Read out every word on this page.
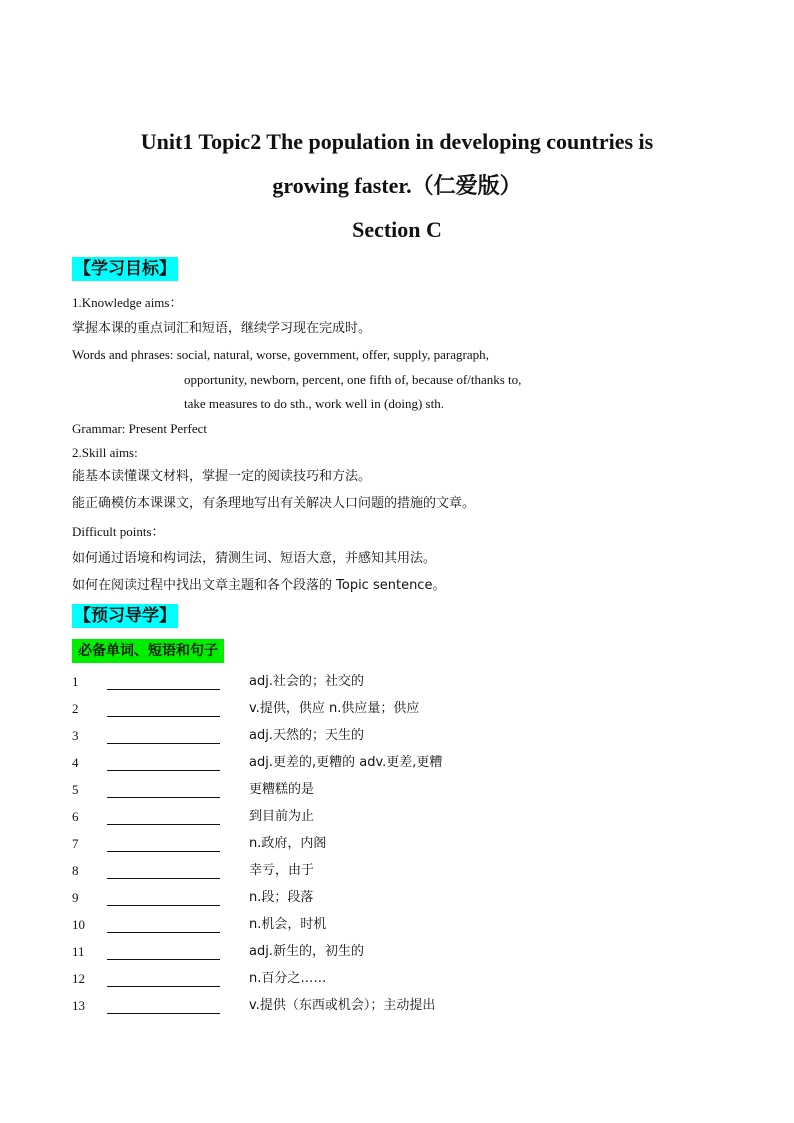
Unit1 Topic2 The population in developing countries is
growing faster.（仁爱版）
Section C
【学习目标】
1.Knowledge aims：
掌握本课的重点词汇和短语，继续学习现在完成时。
Words and phrases: social, natural, worse, government, offer, supply, paragraph,
opportunity, newborn, percent, one fifth of, because of/thanks to,
take measures to do sth., work well in (doing) sth.
Grammar: Present Perfect
2.Skill aims:
能基本读懂课文材料，掌握一定的阅读技巧和方法。
能正确模仿本课课文，有条理地写出有关解决人口问题的措施的文章。
Difficult points：
如何通过语境和构词法，猜测生词、短语大意，并感知其用法。
如何在阅读过程中找出文章主题和各个段落的 Topic sentence。
【预习导学】
必备单词、短语和句子
1	adj.社会的；社交的
2	v.提供，供应 n.供应量；供应
3	adj.天然的；天生的
4	adj.更差的,更糟的 adv.更差,更糟
5	更糟糕的是
6	到目前为止
7	n.政府，内阁
8	幸亏，由于
9	n.段；段落
10	n.机会，时机
11	adj.新生的，初生的
12	n.百分之……
13	v.提供（东西或机会）；主动提出
